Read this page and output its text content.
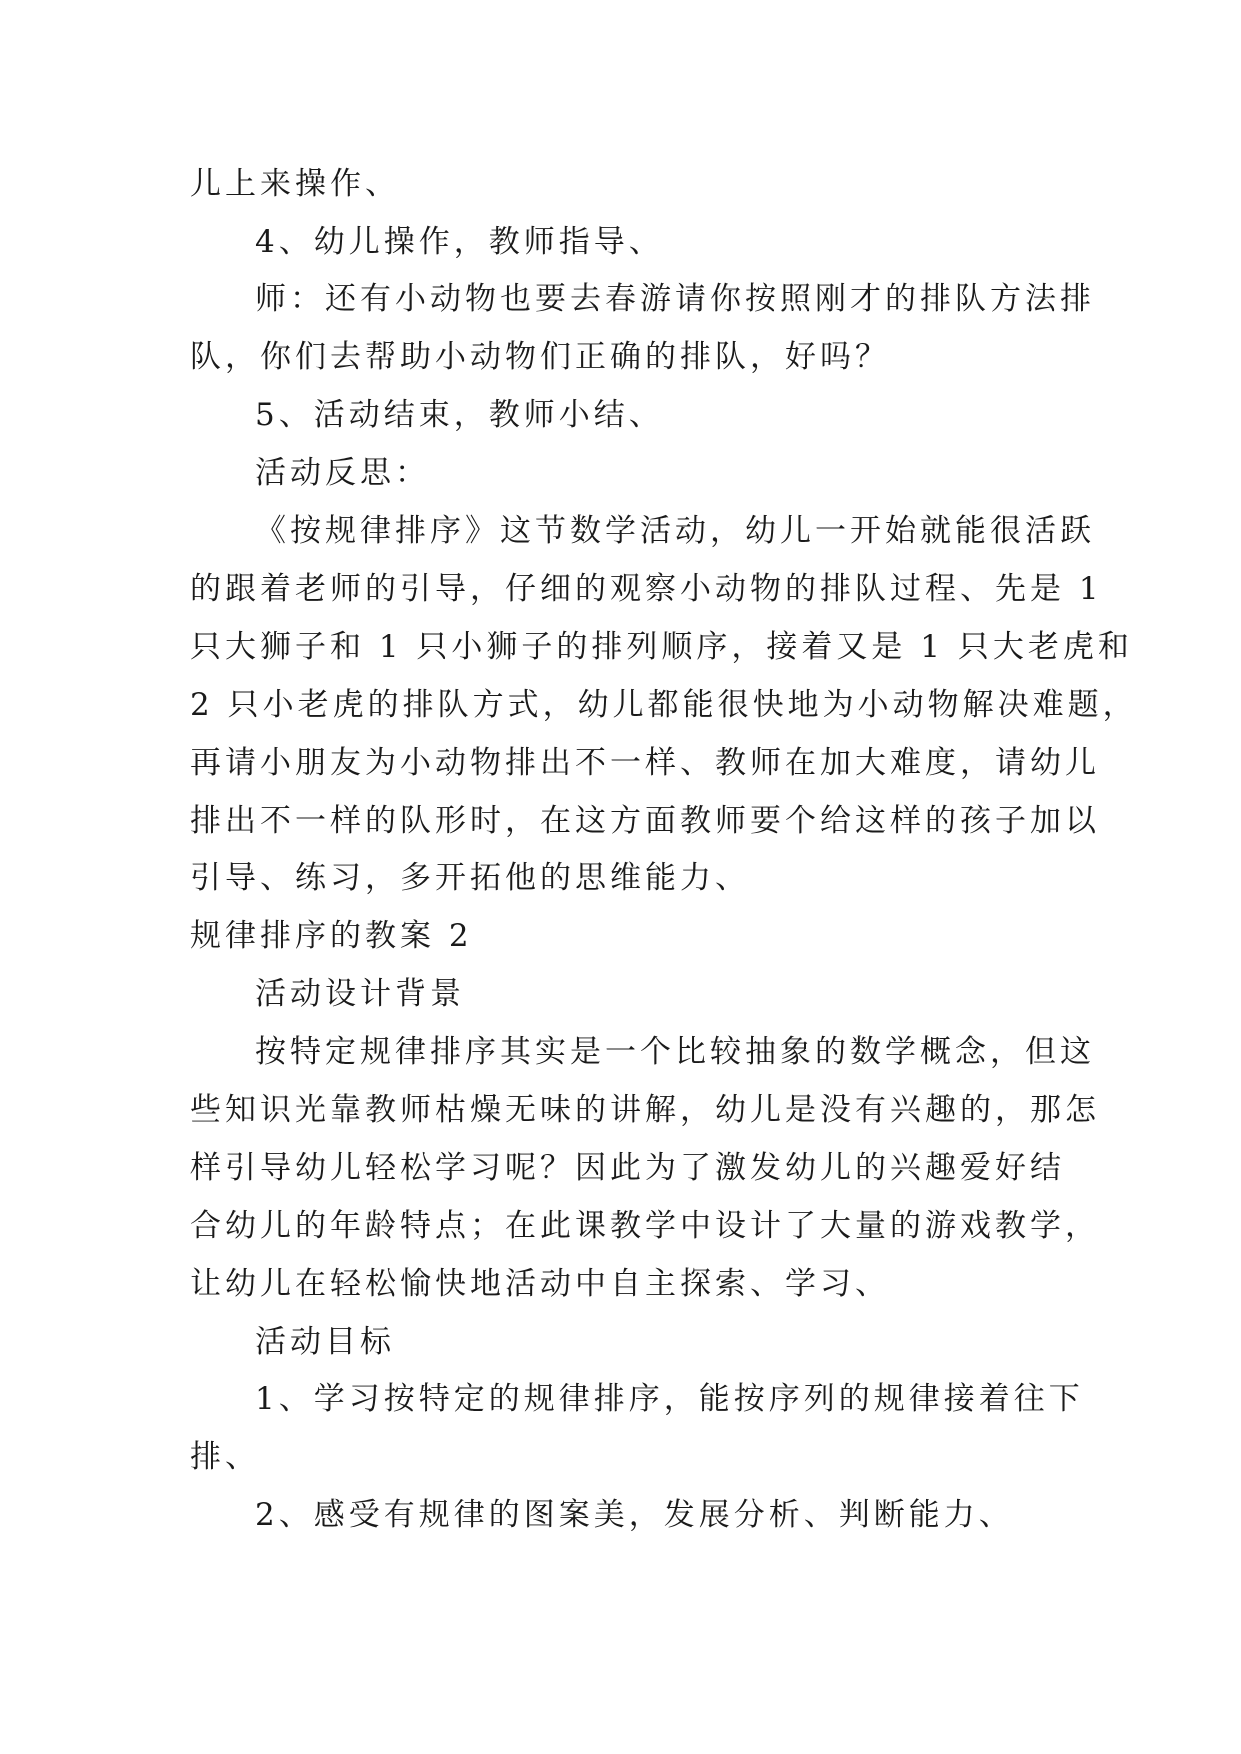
儿上来操作、
4、幼儿操作，教师指导、
师：还有小动物也要去春游请你按照刚才的排队方法排
队，你们去帮助小动物们正确的排队，好吗？
5、活动结束，教师小结、
活动反思：
《按规律排序》这节数学活动，幼儿一开始就能很活跃
的跟着老师的引导，仔细的观察小动物的排队过程、先是 1
只大狮子和 1 只小狮子的排列顺序，接着又是 1 只大老虎和
2 只小老虎的排队方式，幼儿都能很快地为小动物解决难题，
再请小朋友为小动物排出不一样、教师在加大难度，请幼儿
排出不一样的队形时，在这方面教师要个给这样的孩子加以
引导、练习，多开拓他的思维能力、
规律排序的教案 2
活动设计背景
按特定规律排序其实是一个比较抽象的数学概念，但这
些知识光靠教师枯燥无味的讲解，幼儿是没有兴趣的，那怎
样引导幼儿轻松学习呢？因此为了激发幼儿的兴趣爱好结
合幼儿的年龄特点；在此课教学中设计了大量的游戏教学，
让幼儿在轻松愉快地活动中自主探索、学习、
活动目标
1、学习按特定的规律排序，能按序列的规律接着往下
排、
2、感受有规律的图案美，发展分析、判断能力、
